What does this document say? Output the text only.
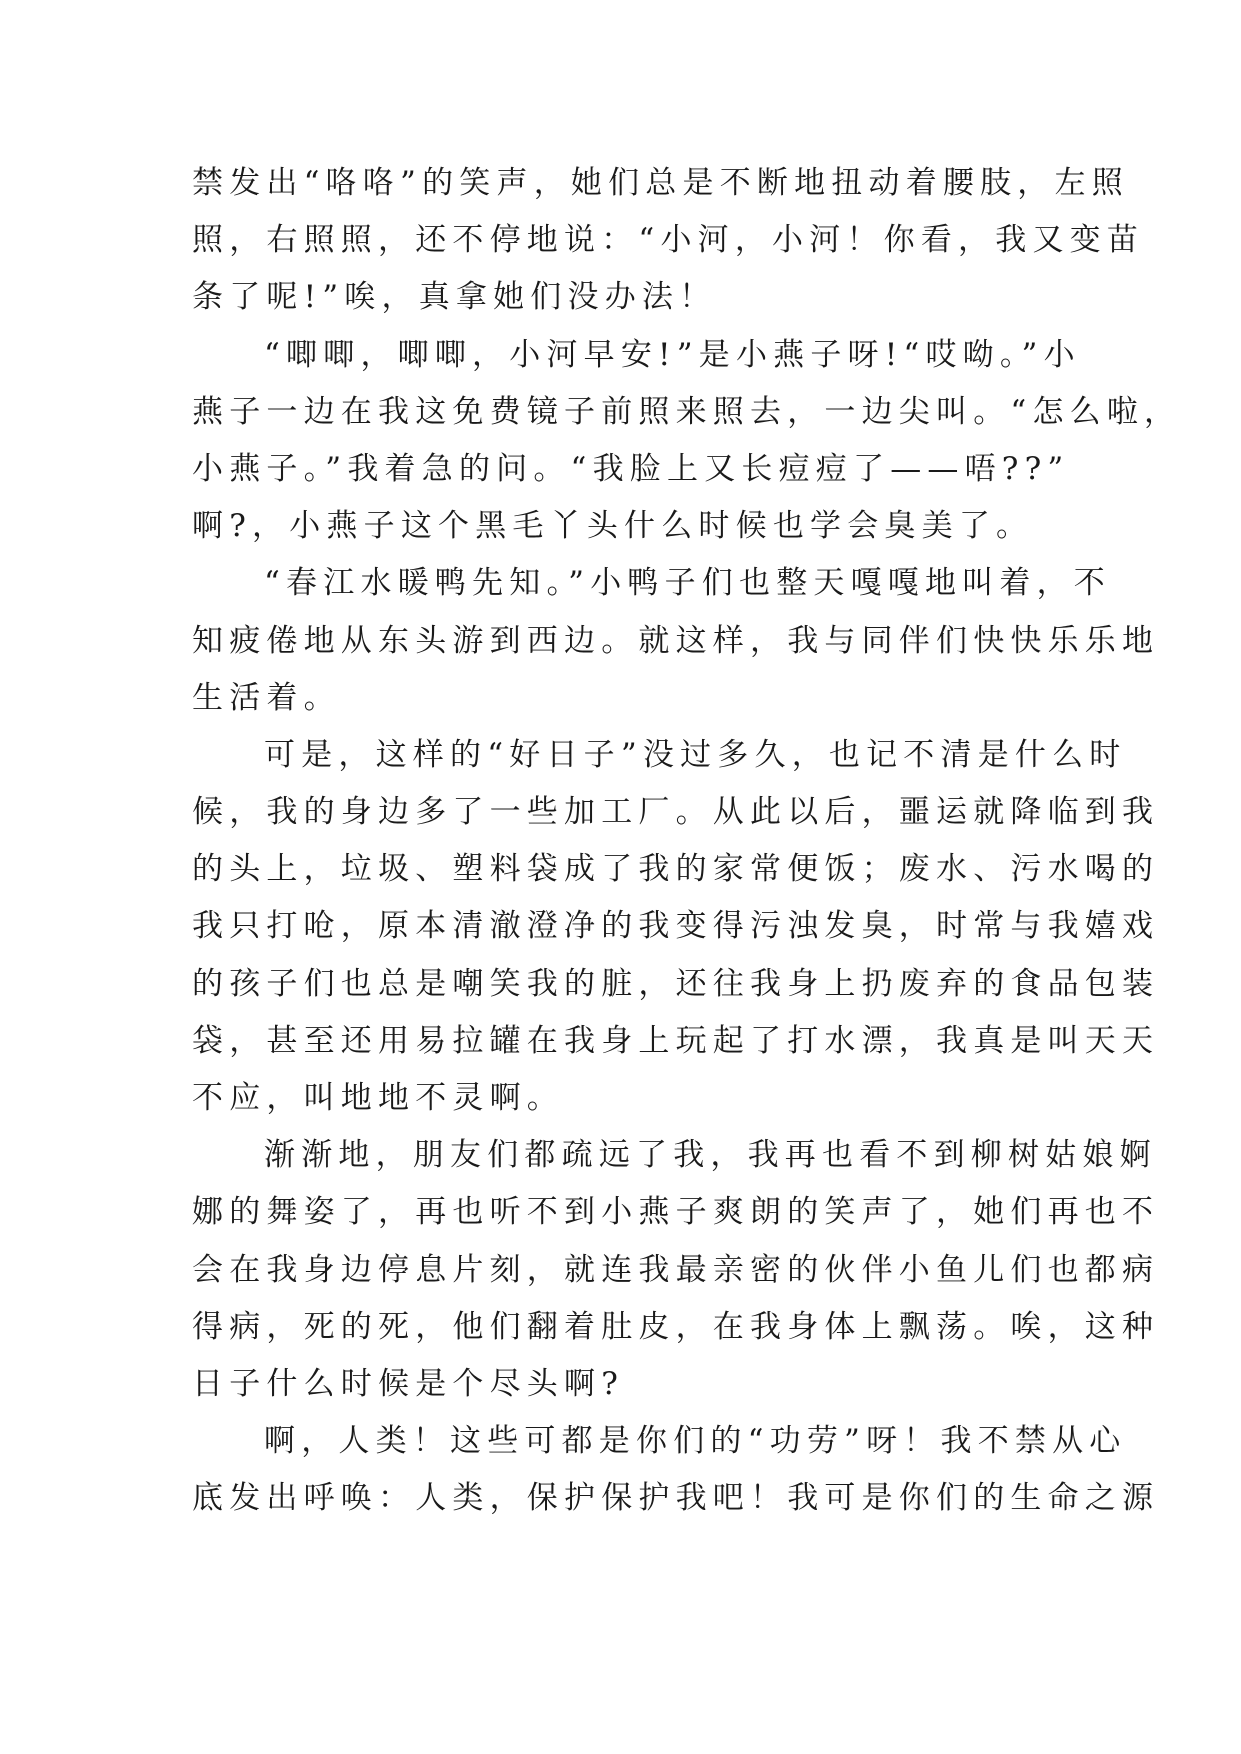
禁发出“咯咯”的笑声，她们总是不断地扭动着腰肢，左照
照，右照照，还不停地说：“小河，小河！你看，我又变苗
条了呢!”唉，真拿她们没办法！
“唧唧，唧唧，小河早安!”是小燕子呀!“哎呦。”小
燕子一边在我这免费镜子前照来照去，一边尖叫。“怎么啦，
小燕子。”我着急的问。“我脸上又长痘痘了——唔??”
啊?，小燕子这个黑毛丫头什么时候也学会臭美了。
“春江水暖鸭先知。”小鸭子们也整天嘎嘎地叫着，不
知疲倦地从东头游到西边。就这样，我与同伴们快快乐乐地
生活着。
可是，这样的“好日子”没过多久，也记不清是什么时
候，我的身边多了一些加工厂。从此以后，噩运就降临到我
的头上，垃圾、塑料袋成了我的家常便饭；废水、污水喝的
我只打呛，原本清澈澄净的我变得污浊发臭，时常与我嬉戏
的孩子们也总是嘲笑我的脏，还往我身上扔废弃的食品包装
袋，甚至还用易拉罐在我身上玩起了打水漂，我真是叫天天
不应，叫地地不灵啊。
渐渐地，朋友们都疏远了我，我再也看不到柳树姑娘婀
娜的舞姿了，再也听不到小燕子爽朗的笑声了，她们再也不
会在我身边停息片刻，就连我最亲密的伙伴小鱼儿们也都病
得病，死的死，他们翻着肚皮，在我身体上飘荡。唉，这种
日子什么时候是个尽头啊?
啊，人类！这些可都是你们的“功劳”呀！我不禁从心
底发出呼唤：人类，保护保护我吧！我可是你们的生命之源
